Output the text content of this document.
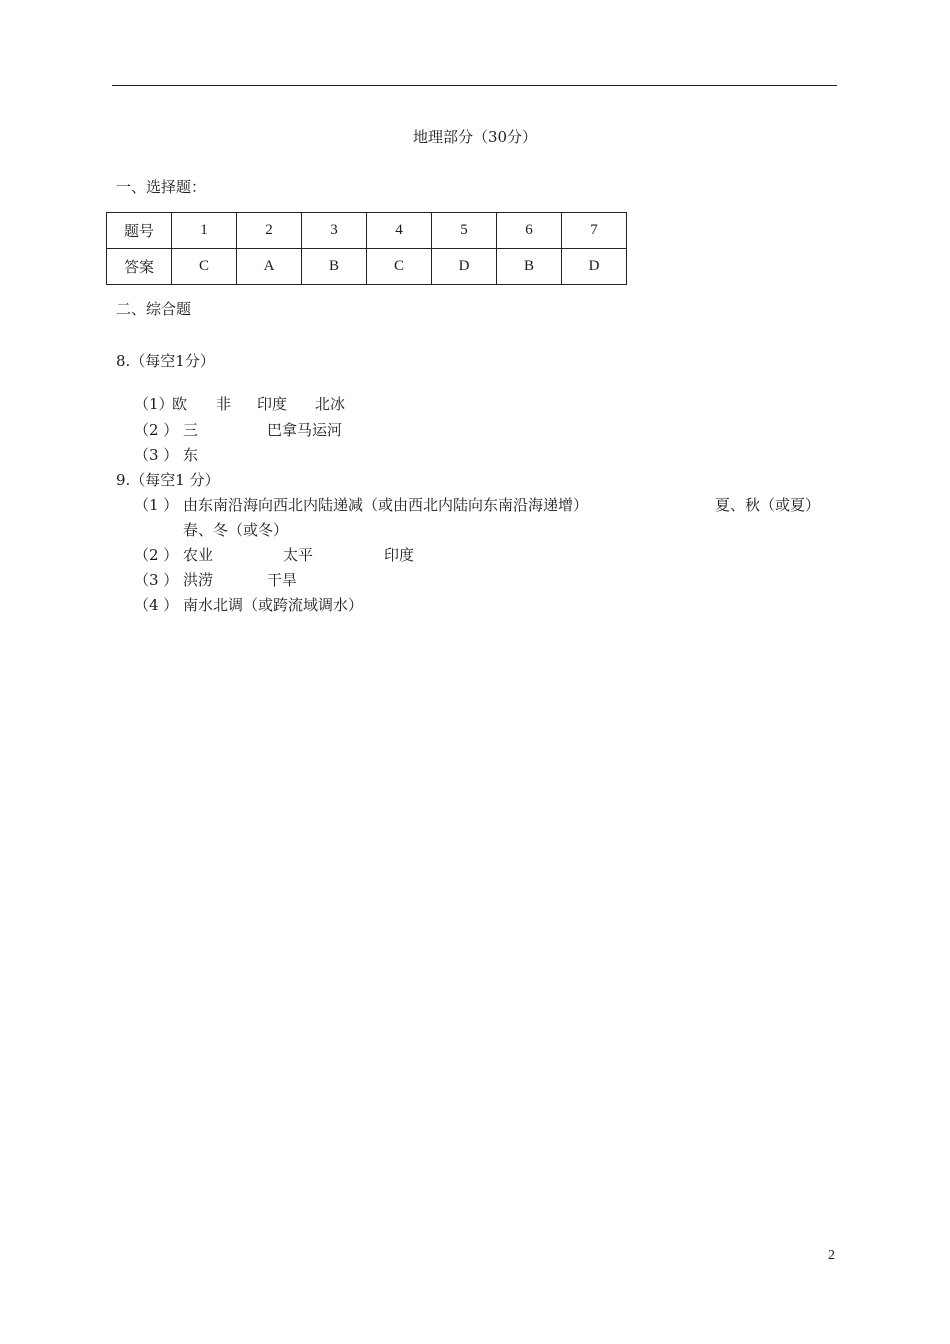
地理部分（30分）
一、选择题：
题号	1	2	3	4	5	6	7
答案	C	A	B	C	D	B	D
二、综合题
8.（每空1分）
（1）
欧 非 印度 北冰
（2 ） 三	巴拿马运河
（3 ） 东
9.（每空1 分）
（1 ） 由东南沿海向西北内陆递减（或由西北内陆向东南沿海递增）	夏、秋（或夏）
春、冬（或冬）
（2 ） 农业	太平	印度
（3 ） 洪涝	干旱
（4 ） 南水北调（或跨流域调水）
2
